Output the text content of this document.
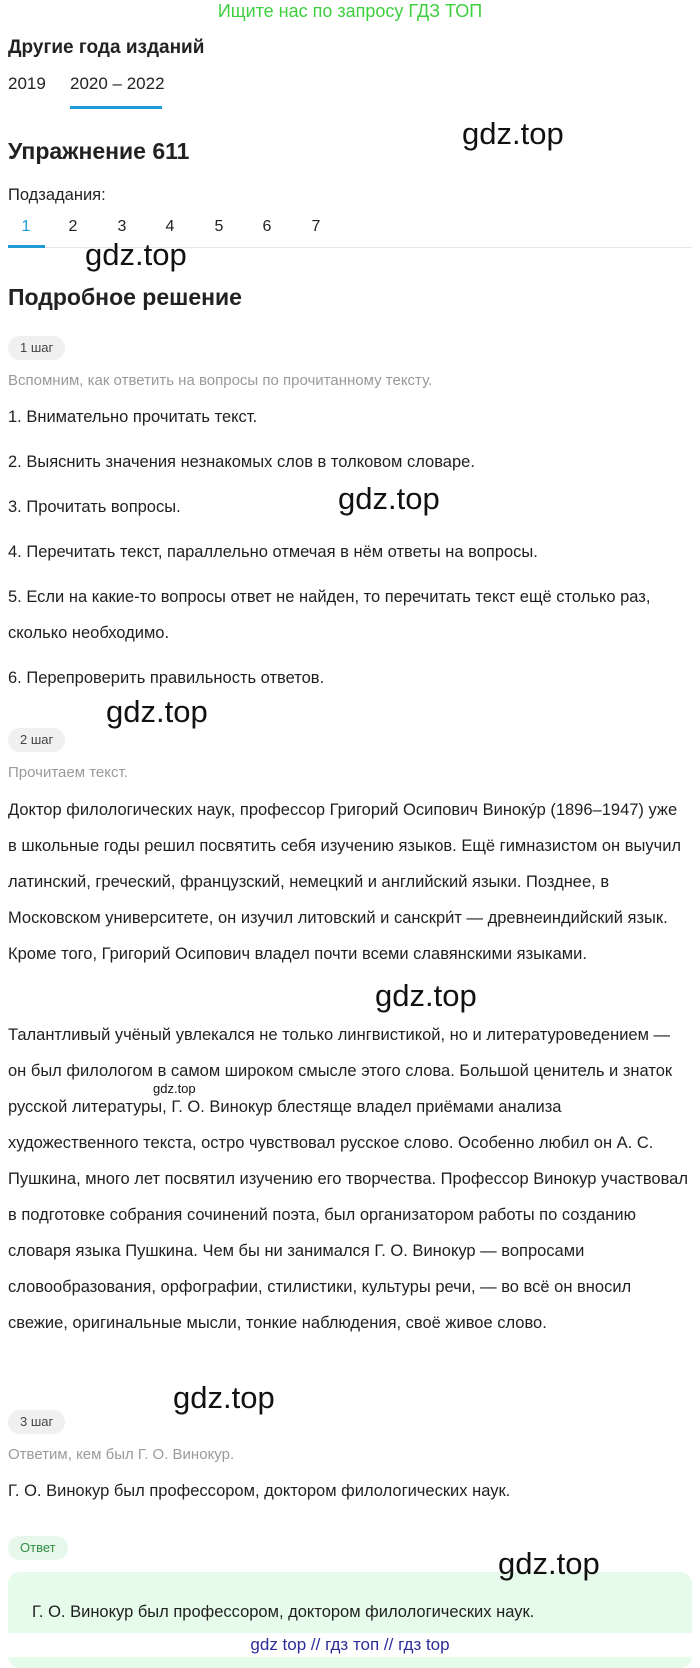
Ищите нас по запросу ГДЗ ТОП
Другие года изданий
2019 2020 – 2022
Упражнение 611
Подзадания:
1	2	3	4	5	6	7
Подробное решение
1 шаг
Вспомним, как ответить на вопросы по прочитанному тексту.
1. Внимательно прочитать текст.
2. Выяснить значения незнакомых слов в толковом словаре.
3. Прочитать вопросы.
4. Перечитать текст, параллельно отмечая в нём ответы на вопросы.
5. Если на какие-то вопросы ответ не найден, то перечитать текст ещё столько раз, сколько необходимо.
6. Перепроверить правильность ответов.
2 шаг
Прочитаем текст.
Доктор филологических наук, профессор Григорий Осипович Винокýр (1896–1947) уже в школьные годы решил посвятить себя изучению языков. Ещё гимназистом он выучил латинский, греческий, французский, немецкий и английский языки. Позднее, в Московском университете, он изучил литовский и санскри́т — древнеиндийский язык. Кроме того, Григорий Осипович владел почти всеми славянскими языками.
Талантливый учёный увлекался не только лингвистикой, но и литературоведением — он был филологом в самом широком смысле этого слова. Большой ценитель и знаток русской литературы, Г. О. Винокур блестяще владел приёмами анализа художественного текста, остро чувствовал русское слово. Особенно любил он А. С. Пушкина, много лет посвятил изучению его творчества. Профессор Винокур участвовал в подготовке собрания сочинений поэта, был организатором работы по созданию словаря языка Пушкина. Чем бы ни занимался Г. О. Винокур — вопросами словообразования, орфографии, стилистики, культуры речи, — во всё он вносил свежие, оригинальные мысли, тонкие наблюдения, своё живое слово.
3 шаг
Ответим, кем был Г. О. Винокур.
Г. О. Винокур был профессором, доктором филологических наук.
Ответ
Г. О. Винокур был профессором, доктором филологических наук.
gdz.top
gdz.top
gdz.top
gdz.top
gdz.top
gdz.top
gdz.top
gdz.top
gdz top // гдз топ // гдз top
